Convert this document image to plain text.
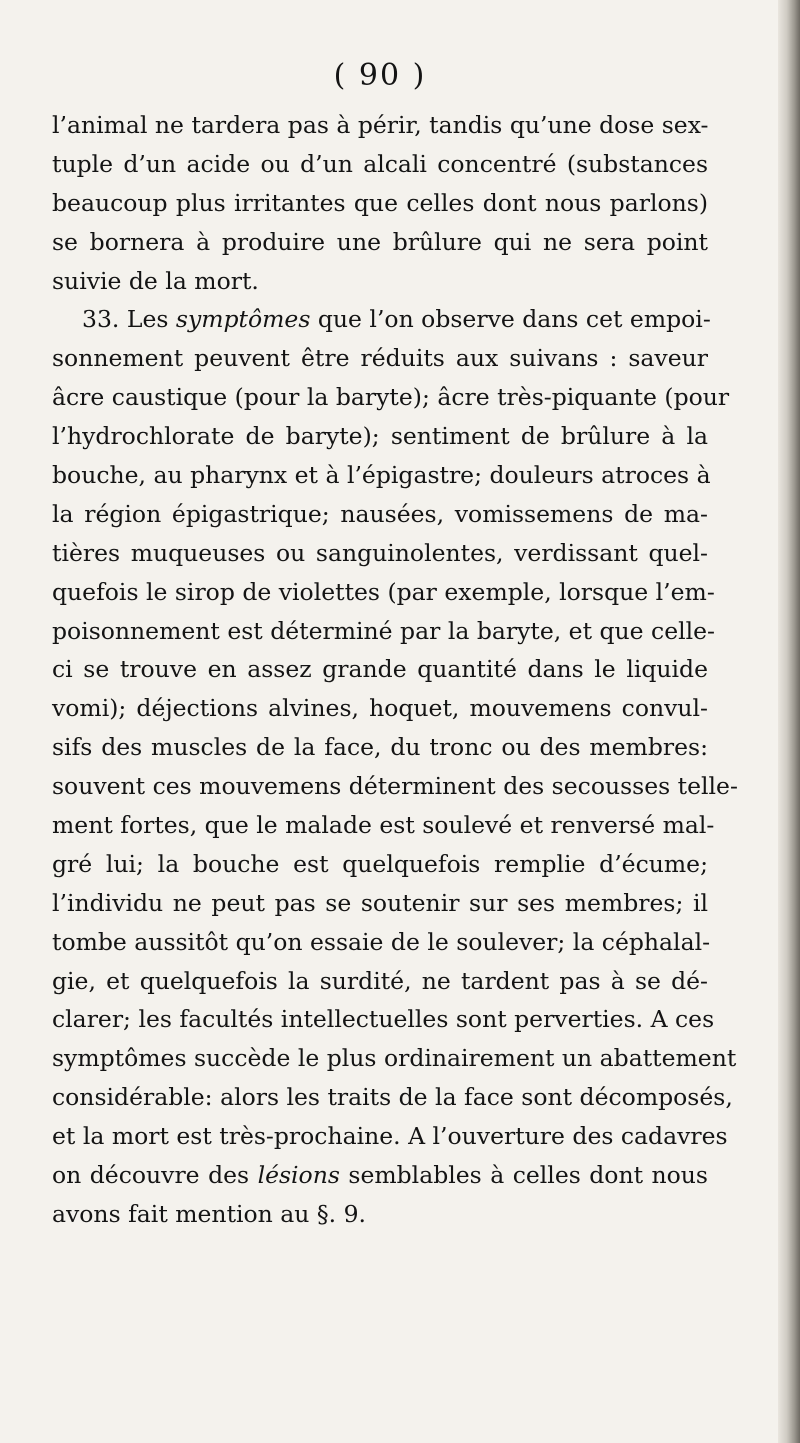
( 90 )
l’animal ne tardera pas à périr, tandis qu’une dose sex-
tuple d’un acide ou d’un alcali concentré (substances
beaucoup plus irritantes que celles dont nous parlons)
se bornera à produire une brûlure qui ne sera point
suivie de la mort.
33. Les symptômes que l’on observe dans cet empoi-
sonnement peuvent être réduits aux suivans : saveur
âcre caustique (pour la baryte); âcre très-piquante (pour
l’hydrochlorate de baryte); sentiment de brûlure à la
bouche, au pharynx et à l’épigastre; douleurs atroces à
la région épigastrique; nausées, vomissemens de ma-
tières muqueuses ou sanguinolentes, verdissant quel-
quefois le sirop de violettes (par exemple, lorsque l’em-
poisonnement est déterminé par la baryte, et que celle-
ci se trouve en assez grande quantité dans le liquide
vomi); déjections alvines, hoquet, mouvemens convul-
sifs des muscles de la face, du tronc ou des membres:
souvent ces mouvemens déterminent des secousses telle-
ment fortes, que le malade est soulevé et renversé mal-
gré lui; la bouche est quelquefois remplie d’écume;
l’individu ne peut pas se soutenir sur ses membres; il
tombe aussitôt qu’on essaie de le soulever; la céphalal-
gie, et quelquefois la surdité, ne tardent pas à se dé-
clarer; les facultés intellectuelles sont perverties. A ces
symptômes succède le plus ordinairement un abattement
considérable: alors les traits de la face sont décomposés,
et la mort est très-prochaine. A l’ouverture des cadavres
on découvre des lésions semblables à celles dont nous
avons fait mention au §. 9.
